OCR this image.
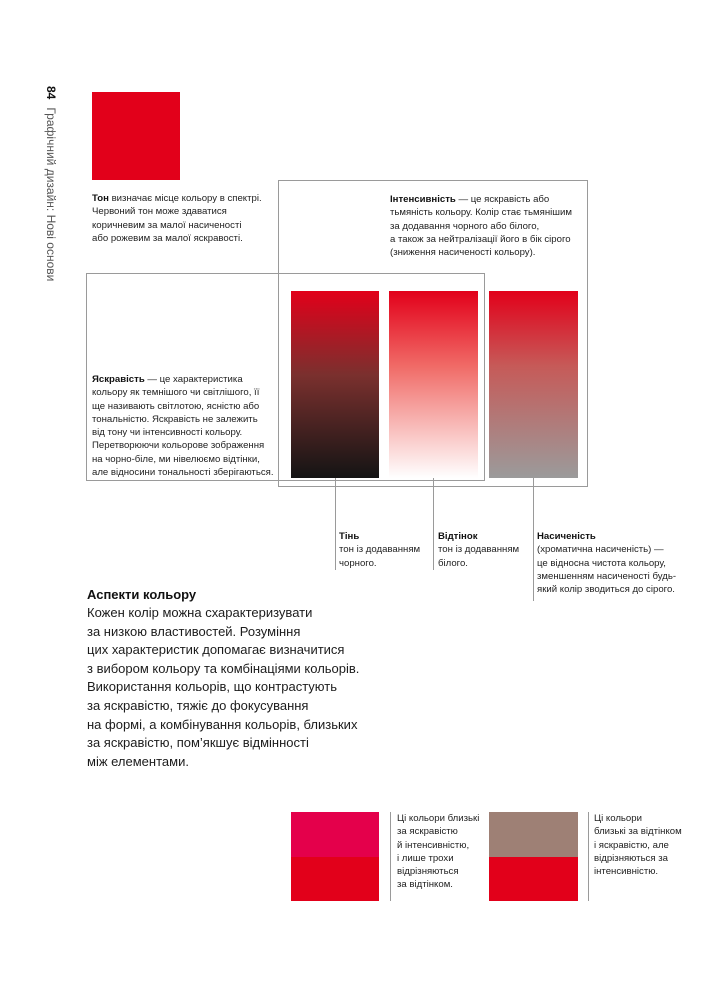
84Графічний дизайн: Нові основи	Тон визначає місце кольору в спектрі.
Червоний тон може здаватися
коричневим за малої насиченості
або рожевим за малої яскравості.
Інтенсивність — це яскравість або
тьмяність кольору. Колір стає тьмянішим
за додавання чорного або білого,
а також за нейтралізації його в бік сірого
(зниження насиченості кольору).
Яскравість — це характеристика
кольору як темнішого чи світлішого, її
ще називають світлотою, ясністю або
тональністю. Яскравість не залежить
від тону чи інтенсивності кольору.
Перетворюючи кольорове зображення
на чорно-біле, ми нівелюємо відтінки,
але відносини тональності зберігаються.
Тінь
тон із додаванням
чорного.
Відтінок
тон із додаванням
білого.
Насиченість
(хроматична насиченість) —
це відносна чистота кольору,
зменшенням насиченості будь-
який колір зводиться до сірого.
Аспекти кольору
Кожен колір можна схарактеризувати
за низкою властивостей. Розуміння
цих характеристик допомагає визначитися
з вибором кольору та комбінаціями кольорів.
Використання кольорів, що контрастують
за яскравістю, тяжіє до фокусування
на формі, а комбінування кольорів, близьких
за яскравістю, пом’якшує відмінності
між елементами.
Ці кольори близькі
за яскравістю
й інтенсивністю,
і лише трохи
відрізняються
за відтінком.
Ці кольори
близькі за відтінком
і яскравістю, але
відрізняються за
інтенсивністю.
